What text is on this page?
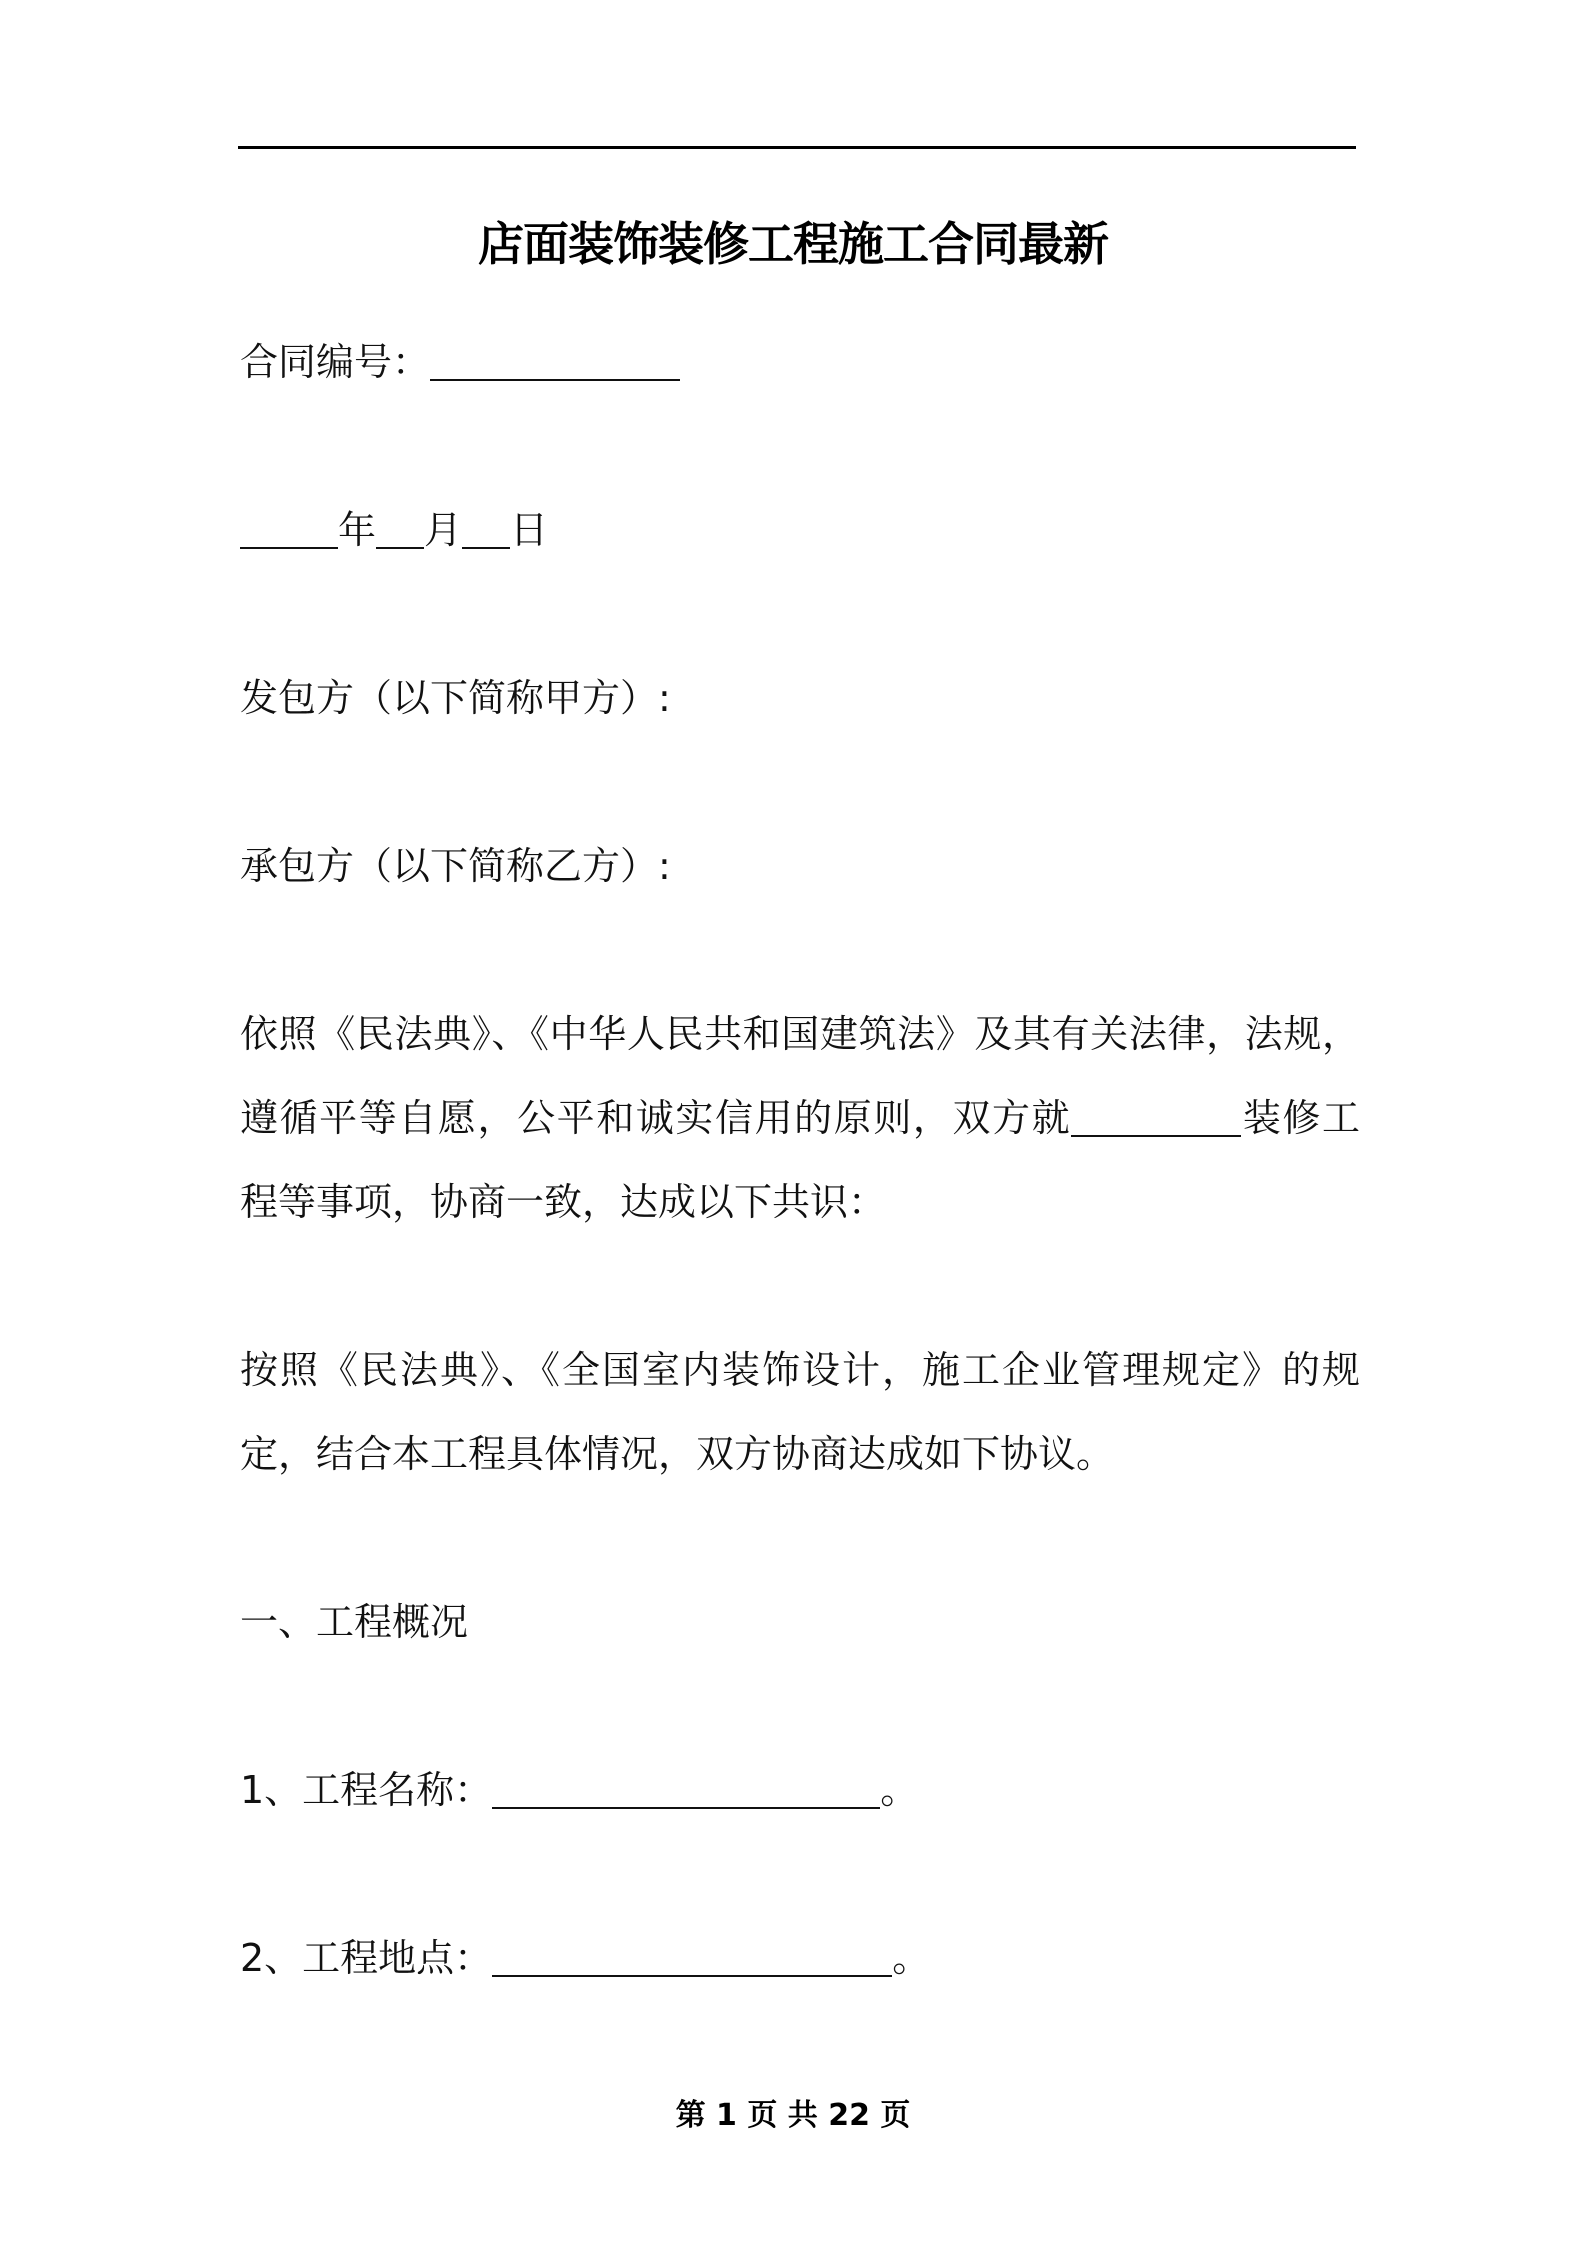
店面装饰装修工程施工合同最新
合同编号：
年 月 日
发包方（以下简称甲方）:
承包方（以下简称乙方）:
依照《民法典》、《中华人民共和国建筑法》及其有关法律，法规，遵循平等自愿，公平和诚实信用的原则，双方就	装修工程等事项，协商一致，达成以下共识：
按照《民法典》、《全国室内装饰设计，施工企业管理规定》的规定，结合本工程具体情况，双方协商达成如下协议。
一、工程概况
1、工程名称：	。
2、工程地点：	。
第 1 页 共 22 页
